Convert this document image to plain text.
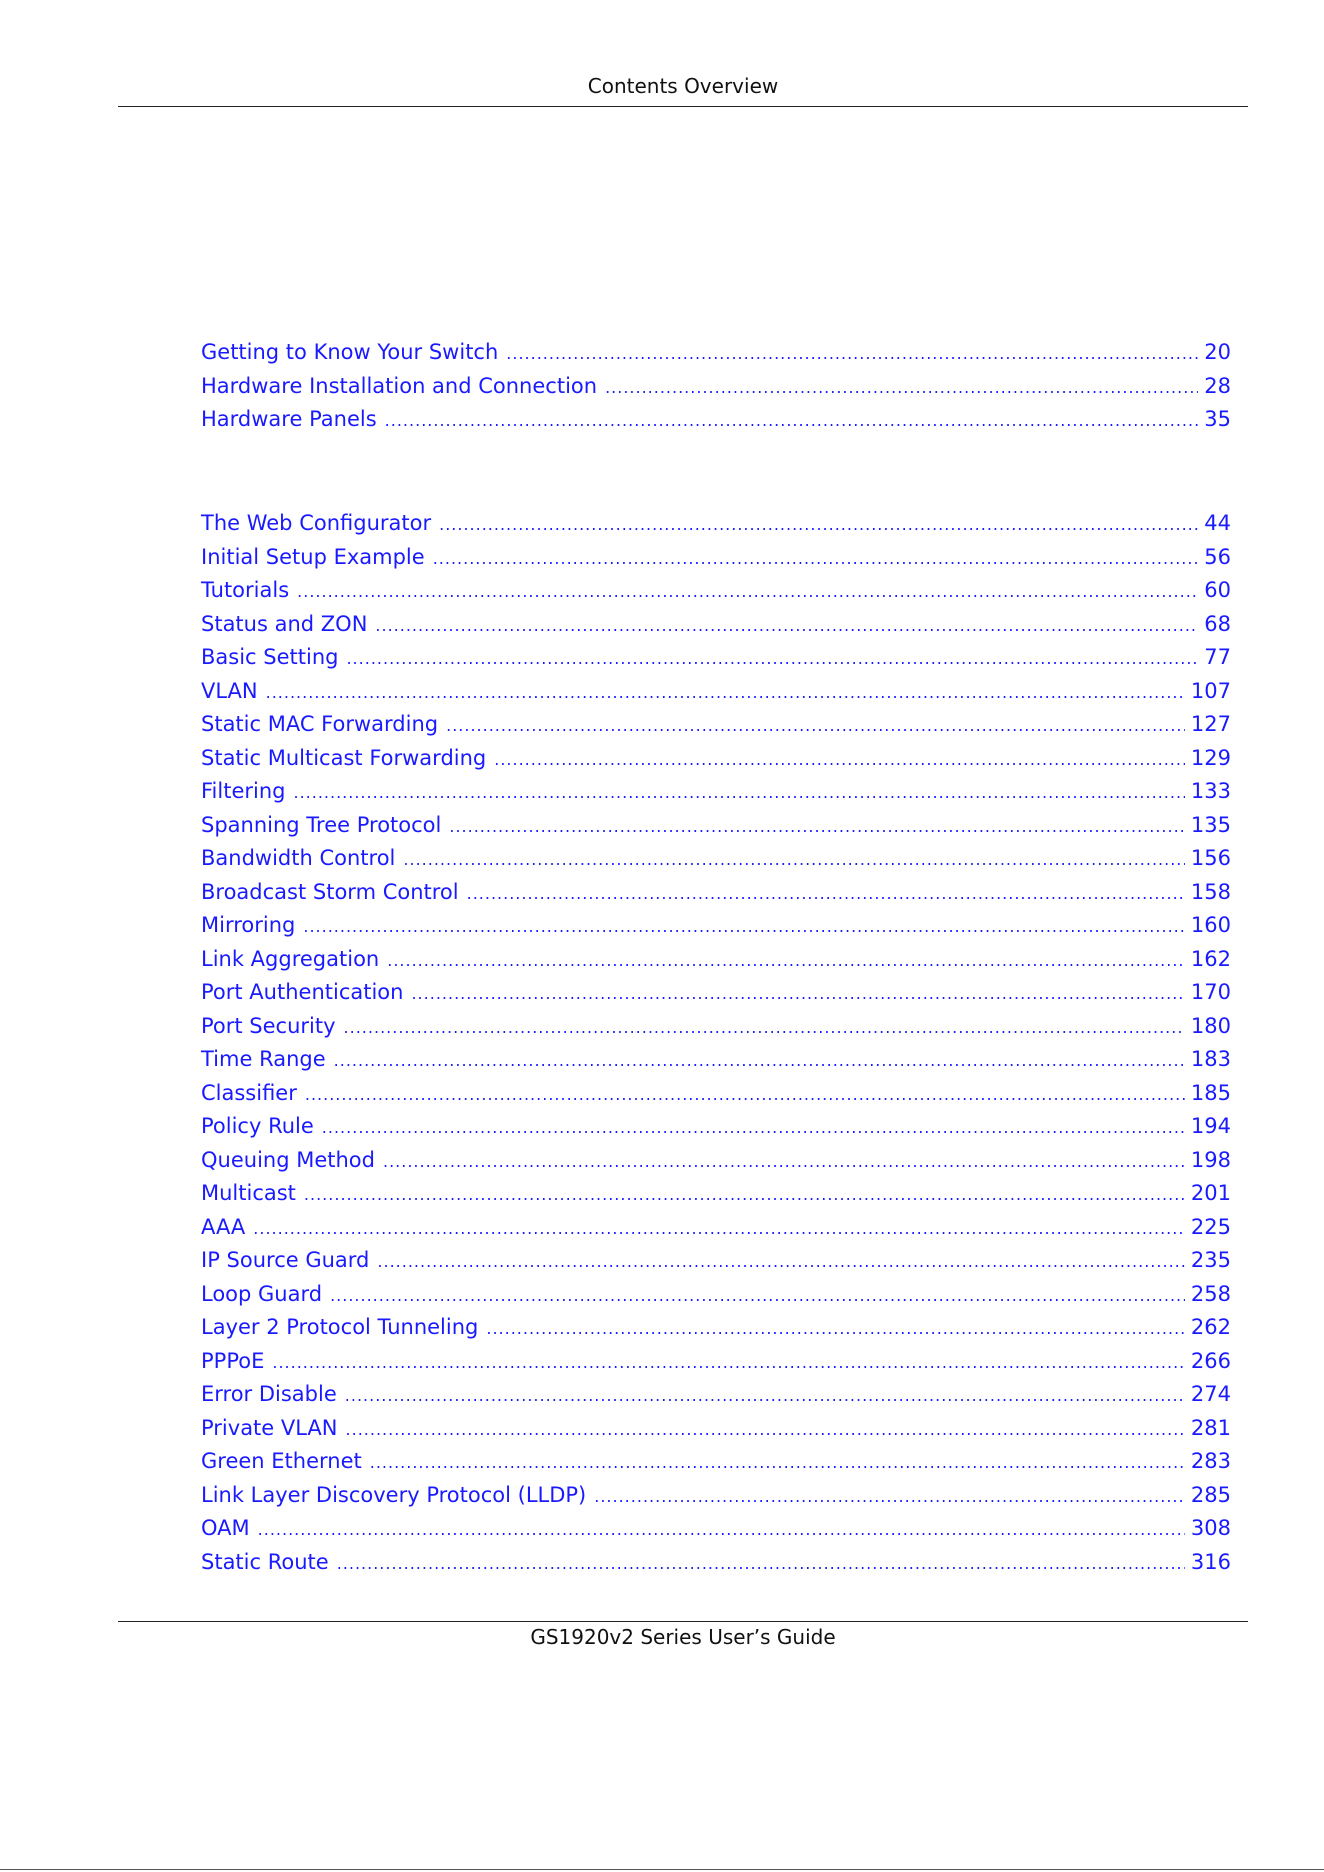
Contents Overview
Getting to Know Your Switch .....	20
Hardware Installation and Connection .....	28
Hardware Panels .....	35
The Web Configurator .....	44
Initial Setup Example .....	56
Tutorials .....	60
Status and ZON .....	68
Basic Setting .....	77
VLAN .....	107
Static MAC Forwarding .....	127
Static Multicast Forwarding .....	129
Filtering .....	133
Spanning Tree Protocol .....	135
Bandwidth Control .....	156
Broadcast Storm Control .....	158
Mirroring .....	160
Link Aggregation .....	162
Port Authentication .....	170
Port Security .....	180
Time Range .....	183
Classifier .....	185
Policy Rule .....	194
Queuing Method .....	198
Multicast .....	201
AAA .....	225
IP Source Guard .....	235
Loop Guard .....	258
Layer 2 Protocol Tunneling .....	262
PPPoE .....	266
Error Disable .....	274
Private VLAN .....	281
Green Ethernet .....	283
Link Layer Discovery Protocol (LLDP) .....	285
OAM .....	308
Static Route .....	316
GS1920v2 Series User’s Guide
